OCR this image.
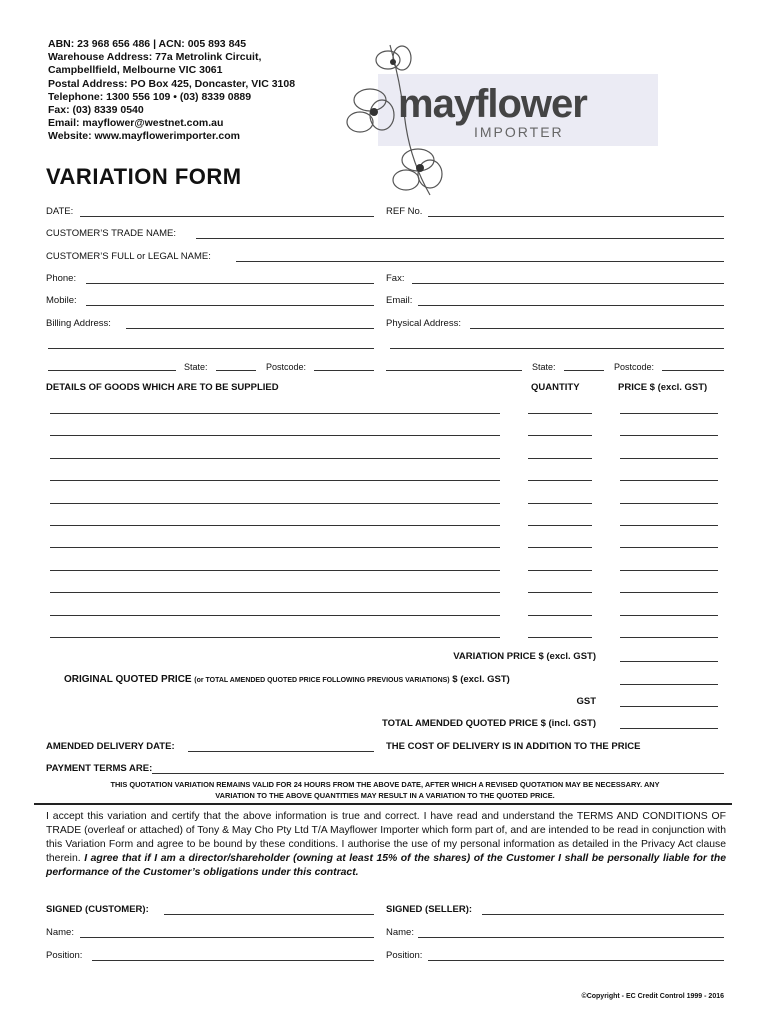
ABN: 23 968 656 486 | ACN: 005 893 845
Warehouse Address: 77a Metrolink Circuit,
Campbellfield, Melbourne VIC 3061
Postal Address: PO Box 425, Doncaster, VIC 3108
Telephone: 1300 556 109 • (03) 8339 0889
Fax: (03) 8339 0540
Email: mayflower@westnet.com.au
Website: www.mayflowerimporter.com
mayflower
IMPORTER
VARIATION FORM
DATE:	REF No.
CUSTOMER’S TRADE NAME:
CUSTOMER’S FULL or LEGAL NAME:
Phone:	Fax:
Mobile:	Email:
Billing Address:	Physical Address:
State:	Postcode:	State:	Postcode:
DETAILS OF GOODS WHICH ARE TO BE SUPPLIED	QUANTITY	PRICE $ (excl. GST)
VARIATION PRICE $ (excl. GST)
ORIGINAL QUOTED PRICE (or TOTAL AMENDED QUOTED PRICE FOLLOWING PREVIOUS VARIATIONS) $ (excl. GST)
GST
TOTAL AMENDED QUOTED PRICE $ (incl. GST)
AMENDED DELIVERY DATE:	THE COST OF DELIVERY IS IN ADDITION TO THE PRICE
PAYMENT TERMS ARE:
THIS QUOTATION VARIATION REMAINS VALID FOR 24 HOURS FROM THE ABOVE DATE, AFTER WHICH A REVISED QUOTATION MAY BE NECESSARY. ANY
VARIATION TO THE ABOVE QUANTITIES MAY RESULT IN A VARIATION TO THE QUOTED PRICE.
I accept this variation and certify that the above information is true and correct. I have read and understand the TERMS AND CONDITIONS OF TRADE (overleaf or attached) of Tony & May Cho Pty Ltd T/A Mayflower Importer which form part of, and are intended to be read in conjunction with this Variation Form and agree to be bound by these conditions. I authorise the use of my personal information as detailed in the Privacy Act clause therein. I agree that if I am a director/shareholder (owning at least 15% of the shares) of the Customer I shall be personally liable for the performance of the Customer’s obligations under this contract.
SIGNED (CUSTOMER):	SIGNED (SELLER):
Name:	Name:
Position:	Position:
©Copyright - EC Credit Control 1999 - 2016
